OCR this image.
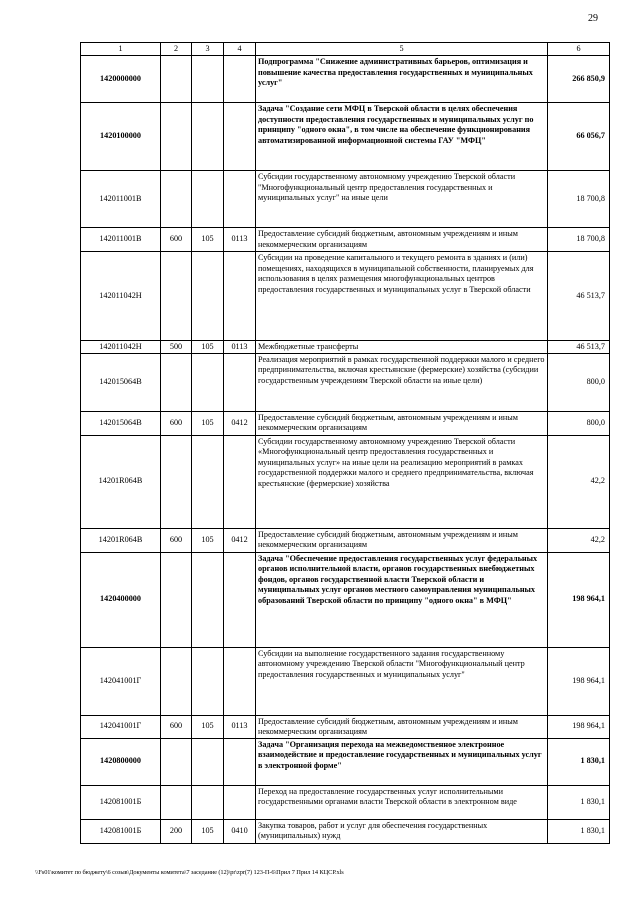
29
1	2	3	4	5	6
1420000000				Подпрограмма "Снижение административных барьеров, оптимизация и повышение качества предоставления государственных и муниципальных услуг"	266 850,9
1420100000				Задача "Создание сети МФЦ в Тверской области в целях обеспечения доступности предоставления государственных и муниципальных услуг по принципу "одного окна", в том числе на обеспечение функционирования автоматизированной информационной системы ГАУ "МФЦ"	66 056,7
142011001В				Субсидии государственному автономному учреждению Тверской области "Многофункциональный центр предоставления государственных и муниципальных услуг" на иные цели	18 700,8
142011001В	600	105	0113	Предоставление субсидий бюджетным, автономным учреждениям и иным некоммерческим организациям	18 700,8
142011042Н				Субсидии на проведение капитального и текущего ремонта в зданиях и (или) помещениях, находящихся в муниципальной собственности, планируемых для использования в целях размещения многофункциональных центров предоставления государственных и муниципальных услуг в Тверской области	46 513,7
142011042Н	500	105	0113	Межбюджетные трансферты	46 513,7
142015064В				Реализация мероприятий в рамках государственной поддержки малого и среднего предпринимательства, включая крестьянские (фермерские) хозяйства (субсидии государственным учреждениям Тверской области на иные цели)	800,0
142015064В	600	105	0412	Предоставление субсидий бюджетным, автономным учреждениям и иным некоммерческим организациям	800,0
14201R064В				Субсидии государственному автономному учреждению Тверской области «Многофункциональный центр предоставления государственных и муниципальных услуг» на иные цели на реализацию мероприятий в рамках государственной поддержки малого и среднего предпринимательства, включая крестьянские (фермерские) хозяйства	42,2
14201R064В	600	105	0412	Предоставление субсидий бюджетным, автономным учреждениям и иным некоммерческим организациям	42,2
1420400000				Задача "Обеспечение предоставления государственных услуг федеральных органов исполнительной власти, органов государственных внебюджетных фондов, органов государственной власти Тверской области и муниципальных услуг органов местного самоуправления муниципальных образований Тверской области по принципу "одного окна" в МФЦ"	198 964,1
142041001Г				Субсидии на выполнение государственного задания государственному автономному учреждению Тверской области "Многофункциональный центр предоставления государственных и муниципальных услуг"	198 964,1
142041001Г	600	105	0113	Предоставление субсидий бюджетным, автономным учреждениям и иным некоммерческим организациям	198 964,1
1420800000				Задача "Организация перехода на межведомственное электронное взаимодействие и предоставление государственных и муниципальных услуг в электронной форме"	1 830,1
142081001Б				Переход на предоставление государственных услуг исполнительными государственными органами власти Тверской области в электронном виде	1 830,1
142081001Б	200	105	0410	Закупка товаров, работ и услуг для обеспечения государственных (муниципальных) нужд	1 830,1
\\Fs01\комитет по бюджету\6 созыв\Документы комитета\7 заседание (12)\pr\zpr(7) 123-П-6\Прил 7 Прил 14 КЦСР.xls
